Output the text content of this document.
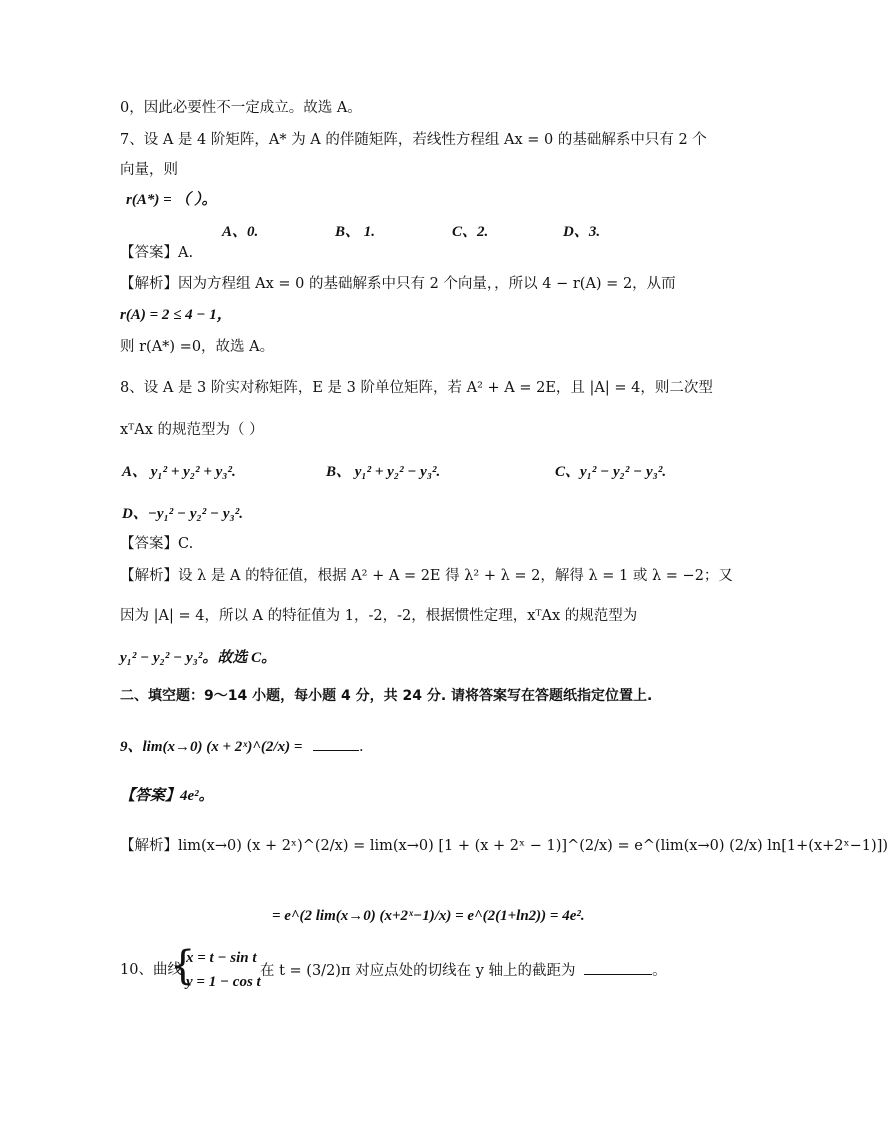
0，因此必要性不一定成立。故选 A。
7、设 A 是 4 阶矩阵，A* 为 A 的伴随矩阵，若线性方程组 Ax = 0 的基础解系中只有 2 个
向量，则
r(A*) = （ ）。
A、0.	B、 1.	C、2.	D、3.
【答案】A.
【解析】因为方程组 Ax = 0 的基础解系中只有 2 个向量，，所以 4 − r(A) = 2，从而
r(A) = 2 ≤ 4 − 1，
则 r(A*) =0，故选 A。
8、设 A 是 3 阶实对称矩阵，E 是 3 阶单位矩阵，若 A² + A = 2E，且 |A| = 4，则二次型
xᵀAx 的规范型为（ ）
A、 y₁² + y₂² + y₃².	B、 y₁² + y₂² − y₃².	C、y₁² − y₂² − y₃².
D、−y₁² − y₂² − y₃².
【答案】C.
【解析】设 λ 是 A 的特征值，根据 A² + A = 2E 得 λ² + λ = 2，解得 λ = 1 或 λ = −2；又
因为 |A| = 4，所以 A 的特征值为 1，-2，-2，根据惯性定理，xᵀAx 的规范型为
y₁² − y₂² − y₃²。故选 C。
二、填空题：9～14 小题，每小题 4 分，共 24 分. 请将答案写在答题纸指定位置上.
9、lim(x→0) (x + 2ˣ)^(2/x) =	.
【答案】4e²。
【解析】lim(x→0) (x + 2ˣ)^(2/x) = lim(x→0) [1 + (x + 2ˣ − 1)]^(2/x) = e^(lim(x→0) (2/x) ln[1+(x+2ˣ−1)])
= e^(2 lim(x→0) (x+2ˣ−1)/x) = e^(2(1+ln2)) = 4e².
10、曲线
{
x = t − sin t
y = 1 − cos t
在 t = (3/2)π 对应点处的切线在 y 轴上的截距为	。
